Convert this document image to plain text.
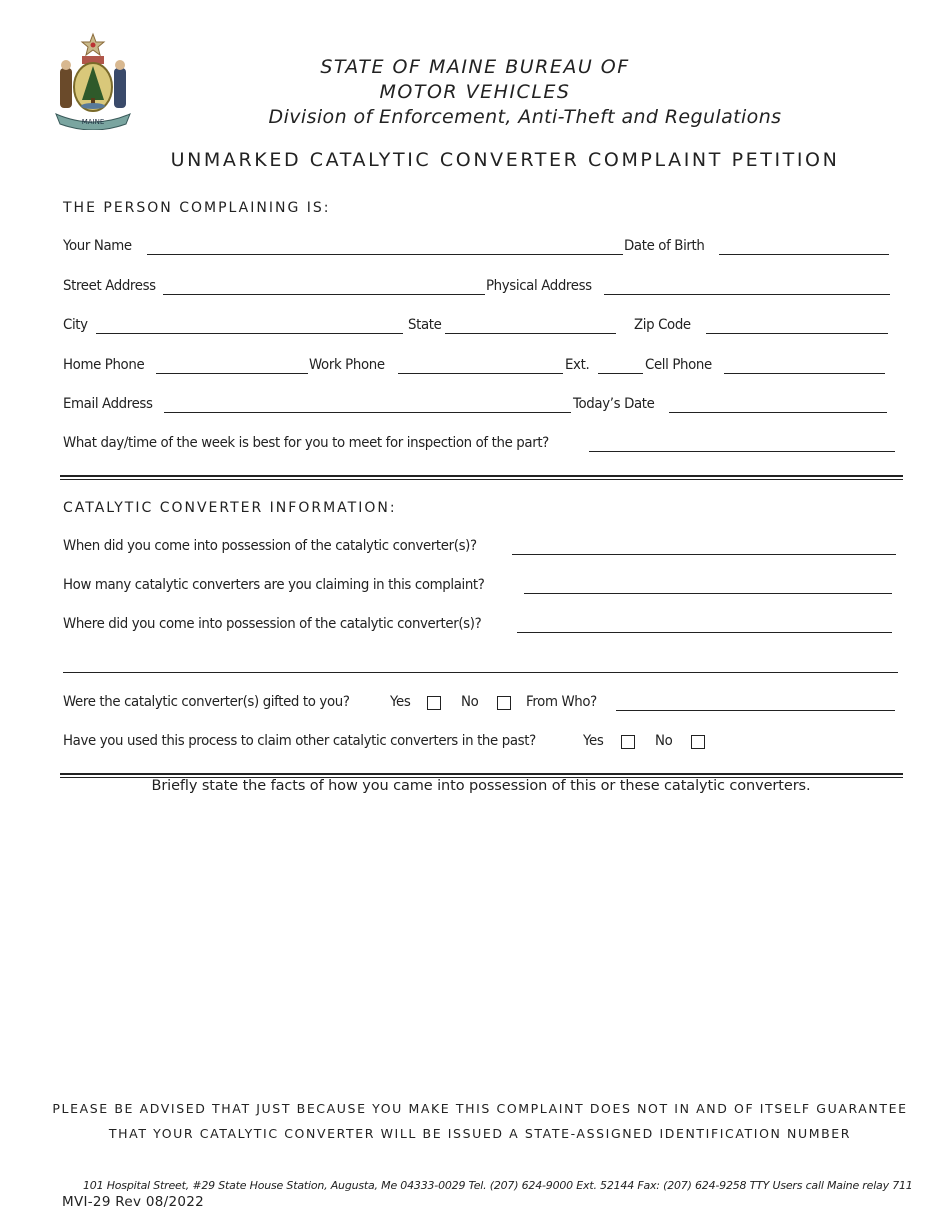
MAINE
STATE OF MAINE BUREAU OF
MOTOR VEHICLES
Division of Enforcement, Anti-Theft and Regulations
UNMARKED CATALYTIC CONVERTER COMPLAINT PETITION
THE PERSON COMPLAINING IS:
Your Name	Date of Birth
Street Address	Physical Address
City	State	Zip Code
Home Phone	Work Phone	Ext.	Cell Phone
Email Address	Today’s Date
What day/time of the week is best for you to meet for inspection of the part?
CATALYTIC CONVERTER INFORMATION:
When did you come into possession of the catalytic converter(s)?
How many catalytic converters are you claiming in this complaint?
Where did you come into possession of the catalytic converter(s)?
Were the catalytic converter(s) gifted to you?	Yes	No	From Who?
Have you used this process to claim other catalytic converters in the past?	Yes	No
Briefly state the facts of how you came into possession of this or these catalytic converters.
PLEASE BE ADVISED THAT JUST BECAUSE YOU MAKE THIS COMPLAINT DOES NOT IN AND OF ITSELF GUARANTEE
THAT YOUR CATALYTIC CONVERTER WILL BE ISSUED A STATE-ASSIGNED IDENTIFICATION NUMBER
101 Hospital Street, #29 State House Station, Augusta, Me 04333-0029 Tel. (207) 624-9000 Ext. 52144 Fax: (207) 624-9258 TTY Users call Maine relay 711
MVI-29 Rev 08/2022
